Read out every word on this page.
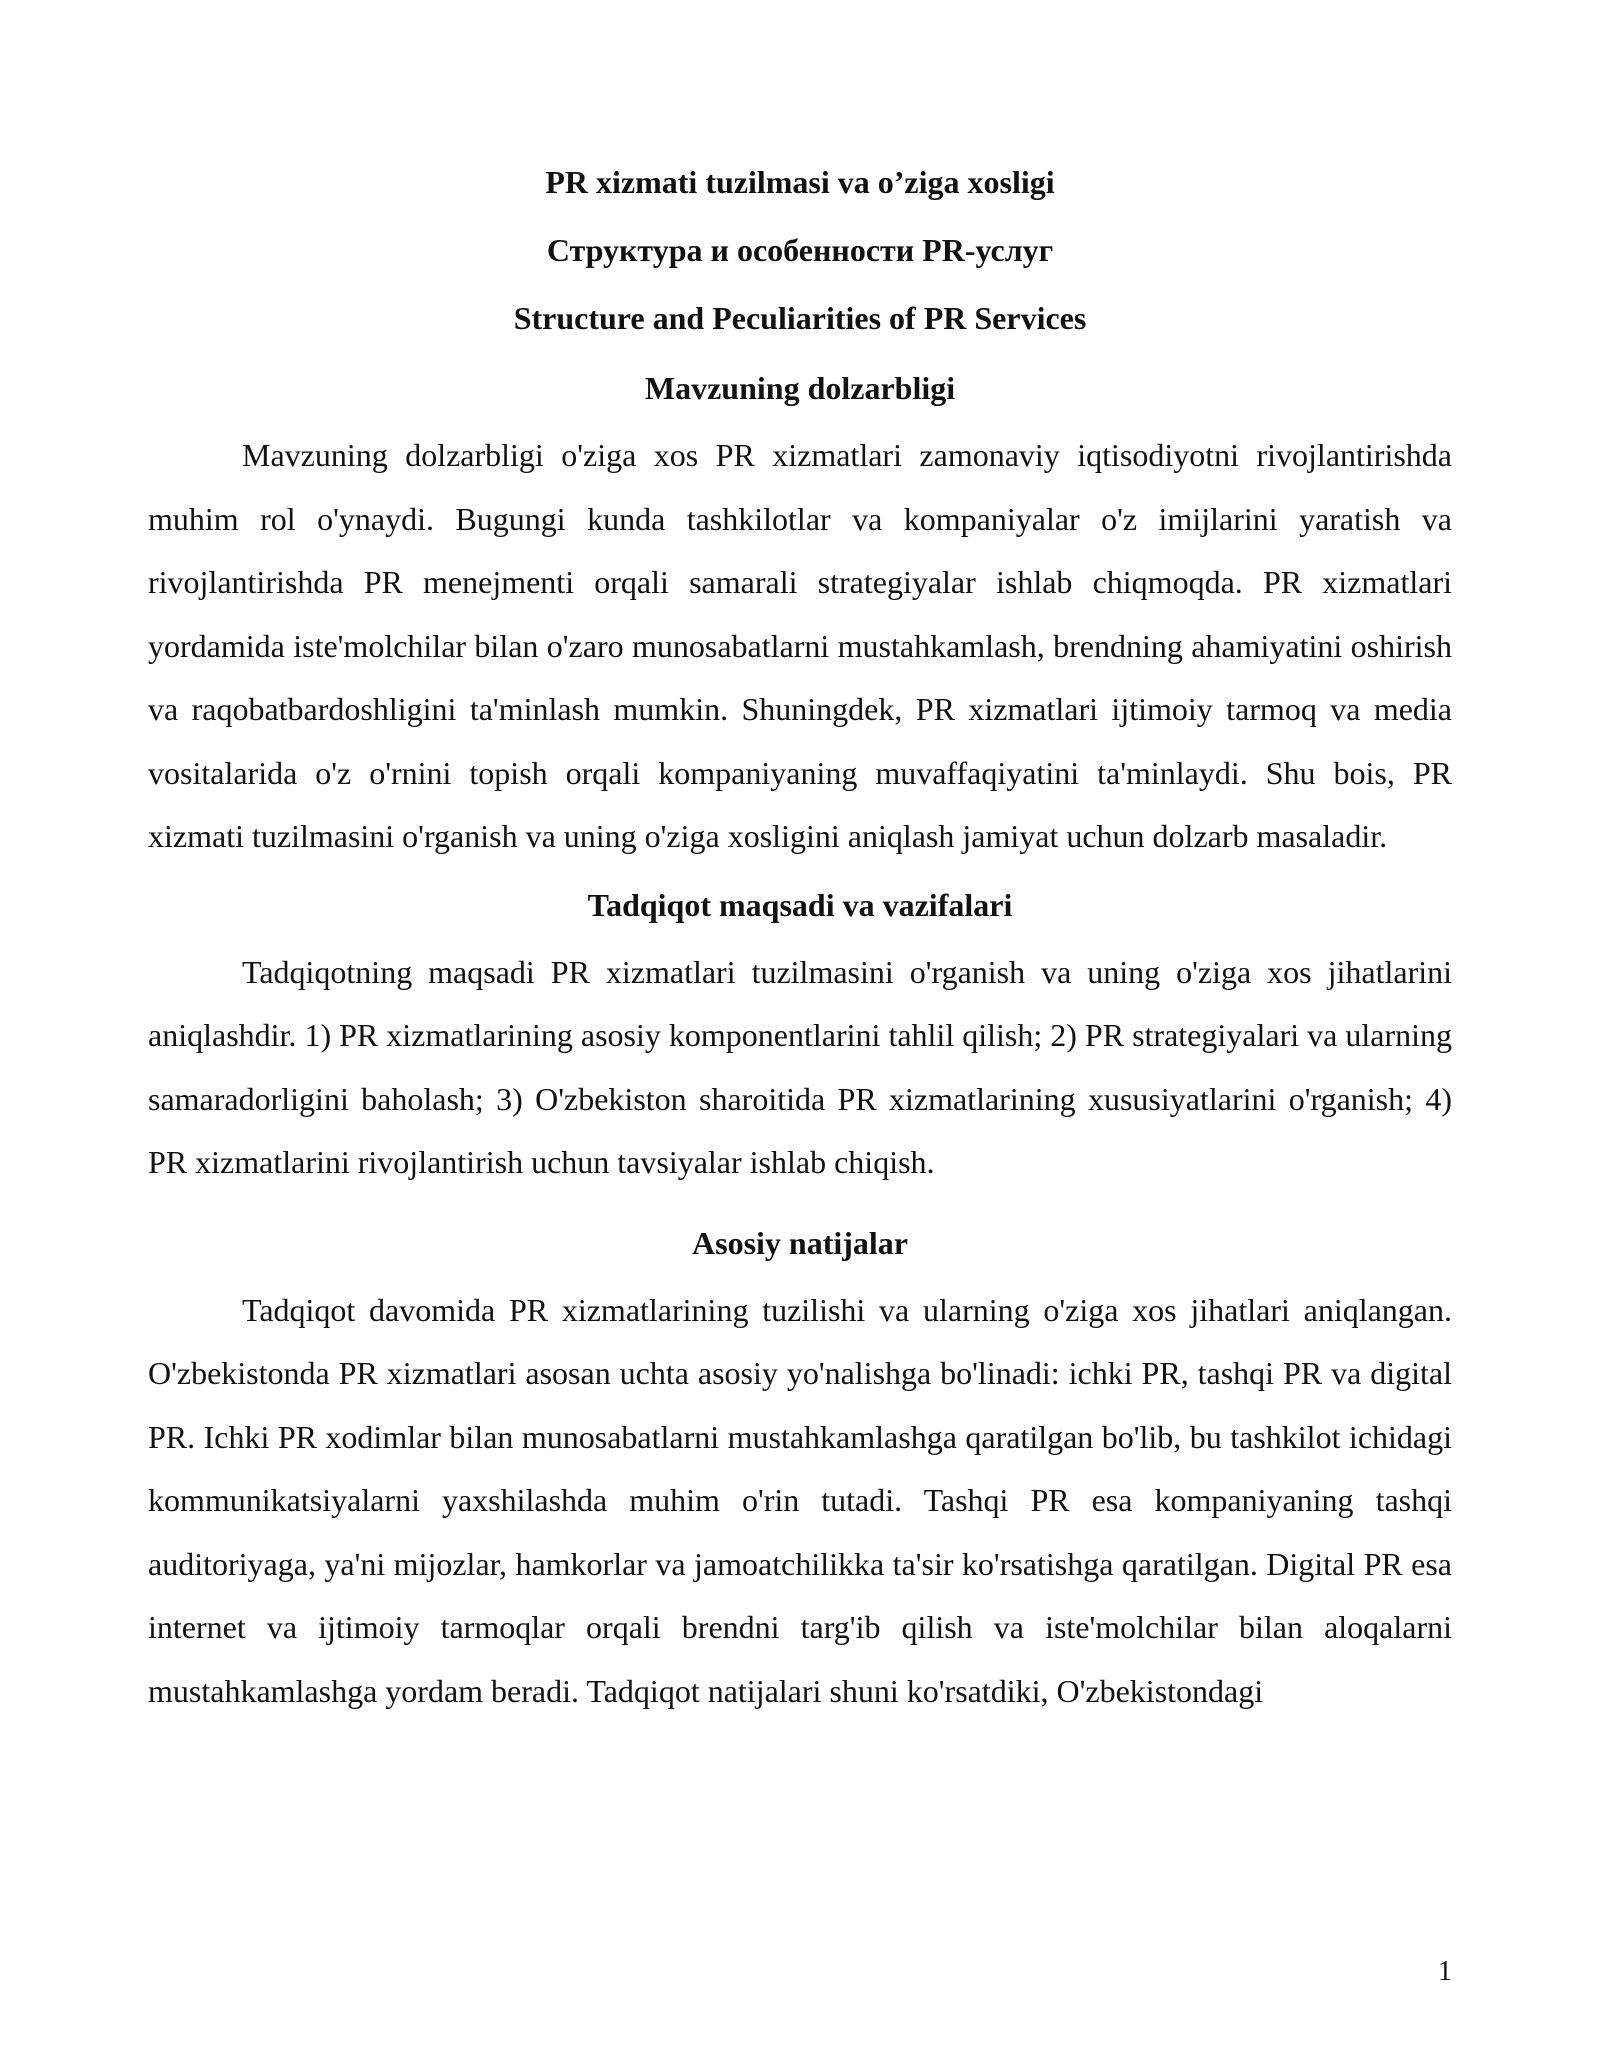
PR xizmati tuzilmasi va o’ziga xosligi

Структура и особенности PR-услуг

Structure and Peculiarities of PR Services

Mavzuning dolzarbligi

Mavzuning dolzarbligi o'ziga xos PR xizmatlari zamonaviy iqtisodiyotni rivojlantirishda muhim rol o'ynaydi. Bugungi kunda tashkilotlar va kompaniyalar o'z imijlarini yaratish va rivojlantirishda PR menejmenti orqali samarali strategiyalar ishlab chiqmoqda. PR xizmatlari yordamida iste'molchilar bilan o'zaro munosabatlarni mustahkamlash, brendning ahamiyatini oshirish va raqobatbardoshligini ta'minlash mumkin. Shuningdek, PR xizmatlari ijtimoiy tarmoq va media vositalarida o'z o'rnini topish orqali kompaniyaning muvaffaqiyatini ta'minlaydi. Shu bois, PR xizmati tuzilmasini o'rganish va uning o'ziga xosligini aniqlash jamiyat uchun dolzarb masaladir.

Tadqiqot maqsadi va vazifalari

Tadqiqotning maqsadi PR xizmatlari tuzilmasini o'rganish va uning o'ziga xos jihatlarini aniqlashdir. 1) PR xizmatlarining asosiy komponentlarini tahlil qilish; 2) PR strategiyalari va ularning samaradorligini baholash; 3) O'zbekiston sharoitida PR xizmatlarining xususiyatlarini o'rganish; 4) PR xizmatlarini rivojlantirish uchun tavsiyalar ishlab chiqish.

Asosiy natijalar

Tadqiqot davomida PR xizmatlarining tuzilishi va ularning o'ziga xos jihatlari aniqlangan. O'zbekistonda PR xizmatlari asosan uchta asosiy yo'nalishga bo'linadi: ichki PR, tashqi PR va digital PR. Ichki PR xodimlar bilan munosabatlarni mustahkamlashga qaratilgan bo'lib, bu tashkilot ichidagi kommunikatsiyalarni yaxshilashda muhim o'rin tutadi. Tashqi PR esa kompaniyaning tashqi auditoriyaga, ya'ni mijozlar, hamkorlar va jamoatchilikka ta'sir ko'rsatishga qaratilgan. Digital PR esa internet va ijtimoiy tarmoqlar orqali brendni targ'ib qilish va iste'molchilar bilan aloqalarni mustahkamlashga yordam beradi. Tadqiqot natijalari shuni ko'rsatdiki, O'zbekistondagi

1
